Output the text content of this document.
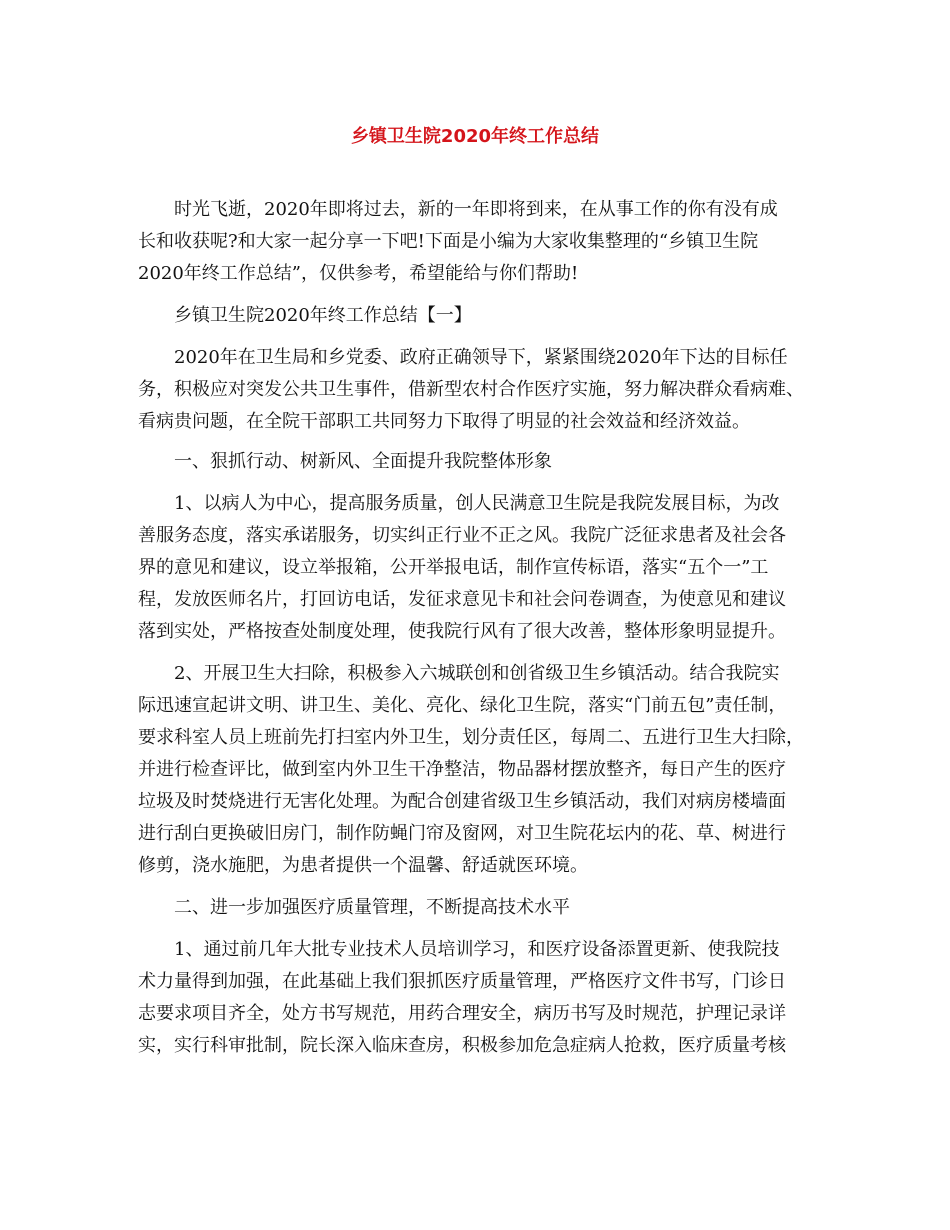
乡镇卫生院2020年终工作总结

时光飞逝，2020年即将过去，新的一年即将到来，在从事工作的你有没有成

长和收获呢?和大家一起分享一下吧!下面是小编为大家收集整理的“乡镇卫生院

2020年终工作总结”，仅供参考，希望能给与你们帮助!

乡镇卫生院2020年终工作总结【一】

2020年在卫生局和乡党委、政府正确领导下，紧紧围绕2020年下达的目标任

务，积极应对突发公共卫生事件，借新型农村合作医疗实施，努力解决群众看病难、

看病贵问题，在全院干部职工共同努力下取得了明显的社会效益和经济效益。

一、狠抓行动、树新风、全面提升我院整体形象

1、以病人为中心，提高服务质量，创人民满意卫生院是我院发展目标，为改

善服务态度，落实承诺服务，切实纠正行业不正之风。我院广泛征求患者及社会各

界的意见和建议，设立举报箱，公开举报电话，制作宣传标语，落实“五个一”工

程，发放医师名片，打回访电话，发征求意见卡和社会问卷调查，为使意见和建议

落到实处，严格按查处制度处理，使我院行风有了很大改善，整体形象明显提升。

2、开展卫生大扫除，积极参入六城联创和创省级卫生乡镇活动。结合我院实

际迅速宣起讲文明、讲卫生、美化、亮化、绿化卫生院，落实“门前五包”责任制，

要求科室人员上班前先打扫室内外卫生，划分责任区，每周二、五进行卫生大扫除，

并进行检查评比，做到室内外卫生干净整洁，物品器材摆放整齐，每日产生的医疗

垃圾及时焚烧进行无害化处理。为配合创建省级卫生乡镇活动，我们对病房楼墙面

进行刮白更换破旧房门，制作防蝇门帘及窗网，对卫生院花坛内的花、草、树进行

修剪，浇水施肥，为患者提供一个温馨、舒适就医环境。

二、进一步加强医疗质量管理，不断提高技术水平

1、通过前几年大批专业技术人员培训学习，和医疗设备添置更新、使我院技

术力量得到加强，在此基础上我们狠抓医疗质量管理，严格医疗文件书写，门诊日

志要求项目齐全，处方书写规范，用药合理安全，病历书写及时规范，护理记录详

实，实行科审批制，院长深入临床查房，积极参加危急症病人抢救，医疗质量考核
